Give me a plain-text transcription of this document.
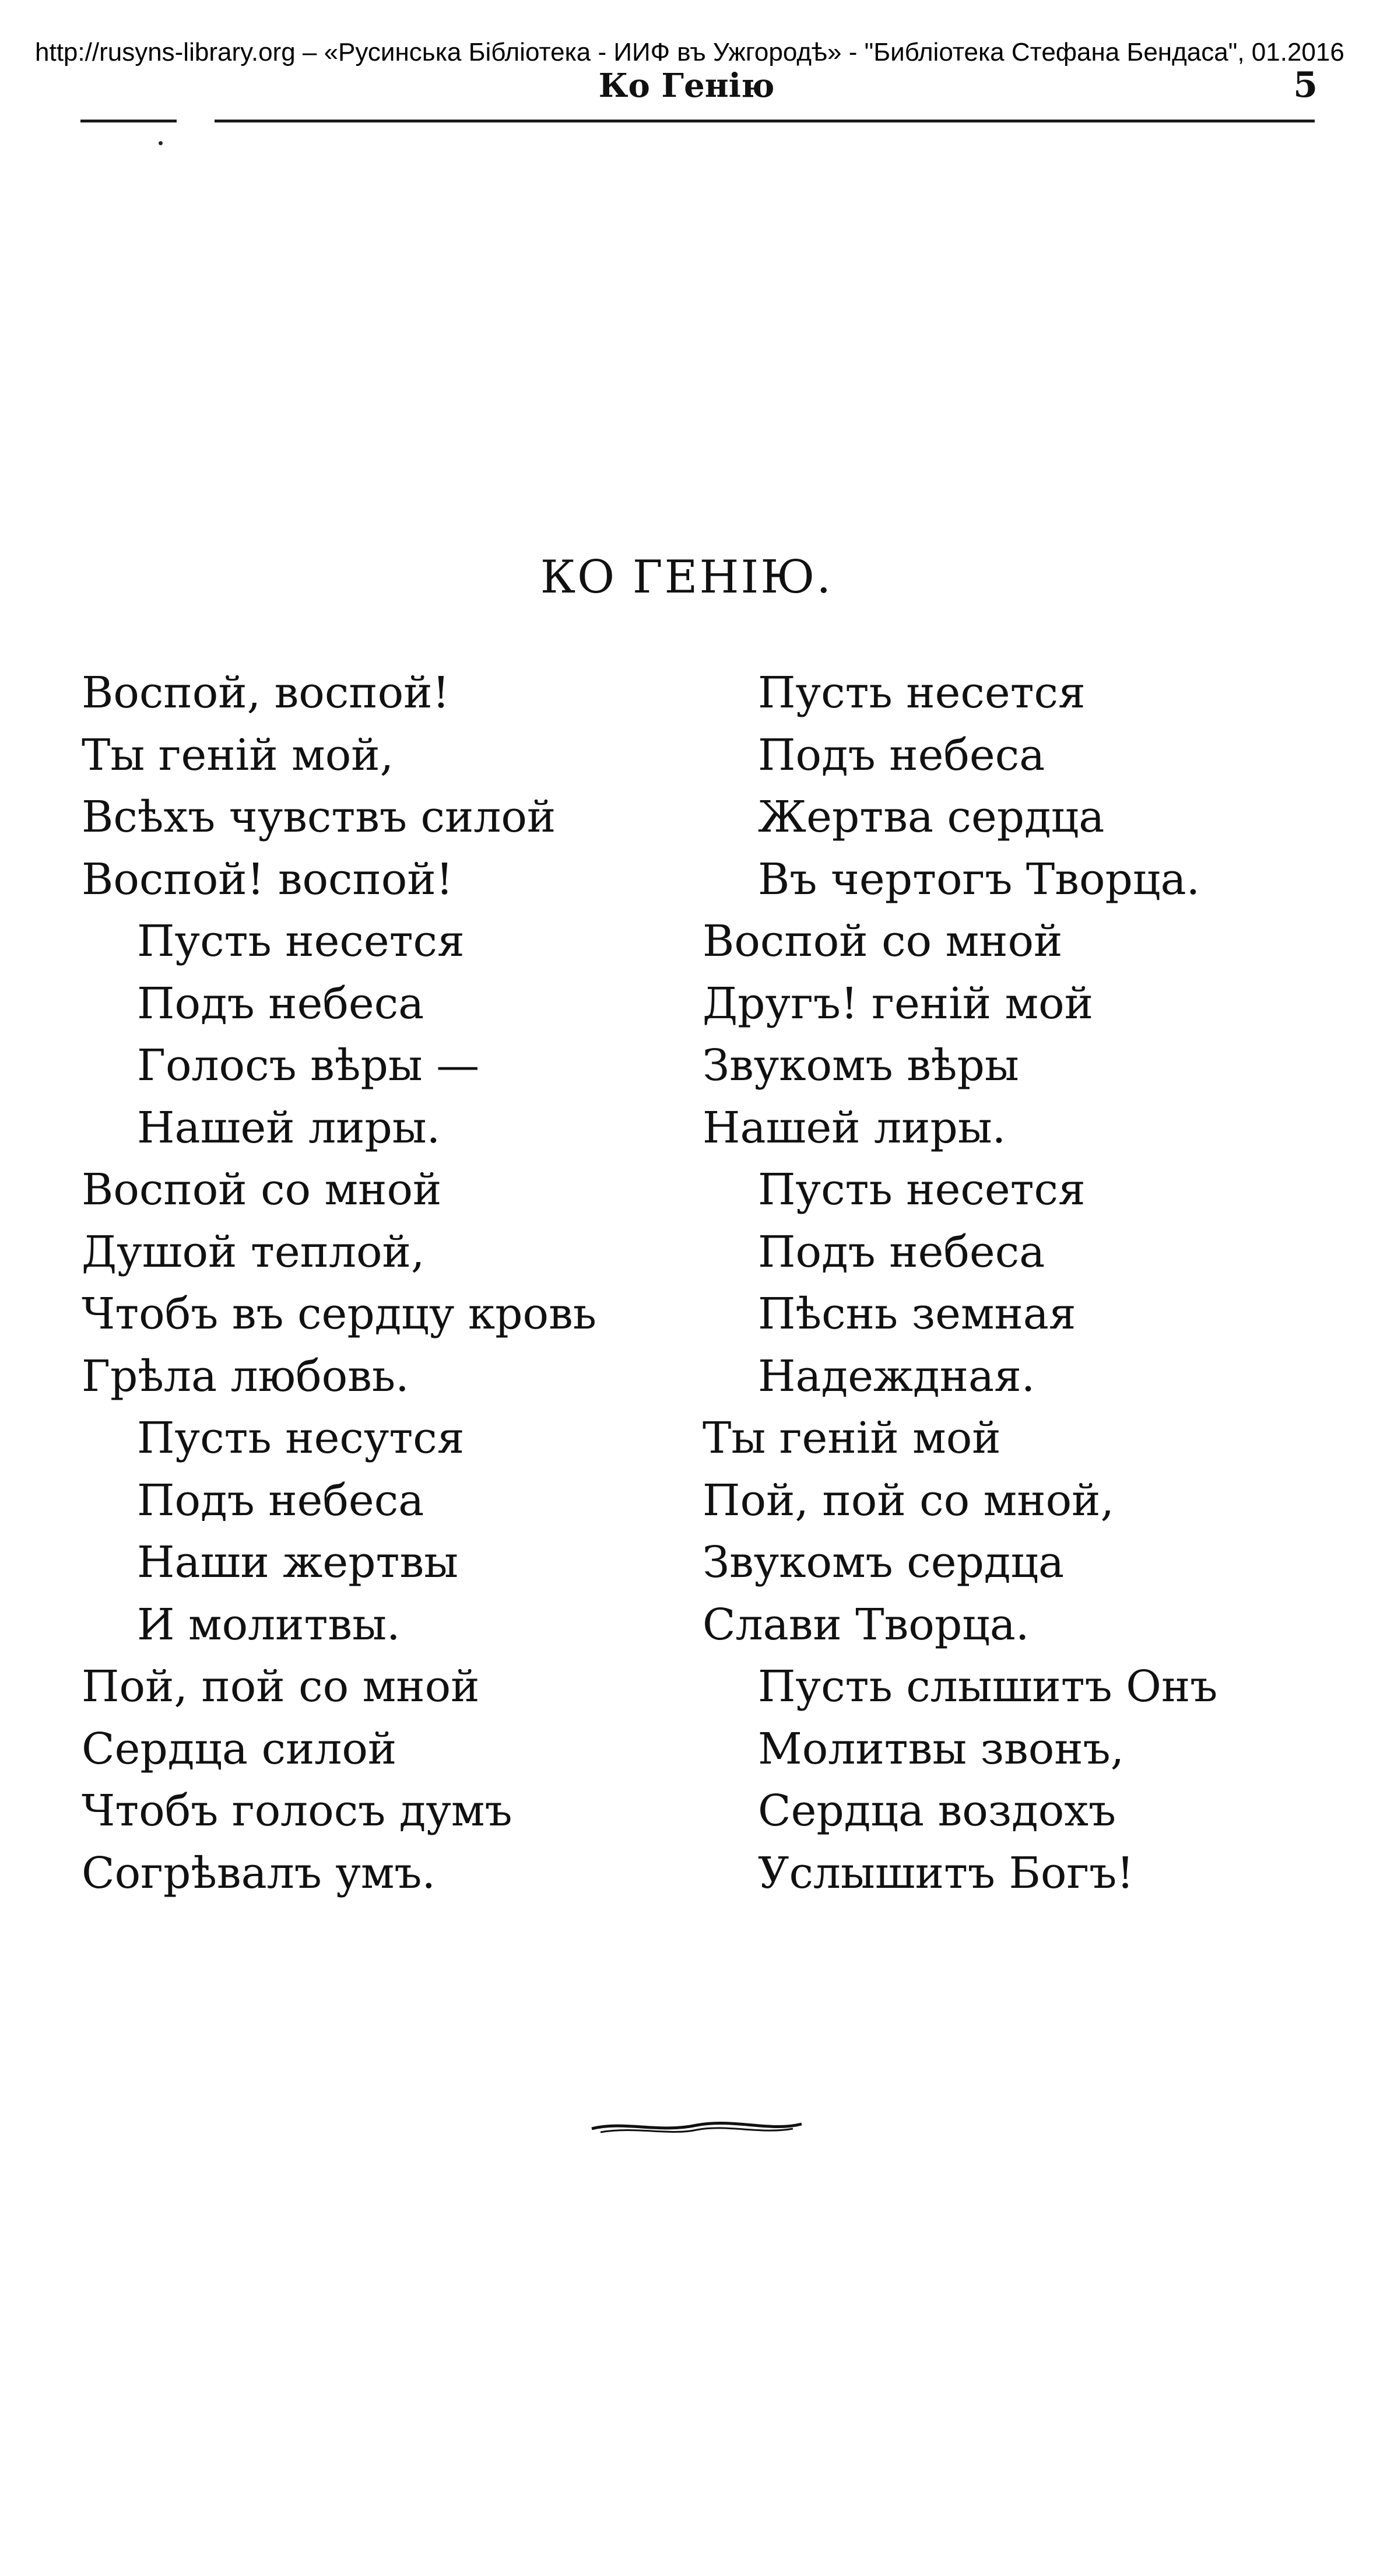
http://rusyns-library.org – «Русинська Бібліотека - ИИФ въ Ужгородѣ» - "Библіотека Стефана Бендаса", 01.2016
Ко Генію	5
КО ГЕНІЮ.
Воспой, воспой!
Ты геній мой,
Всѣхъ чувствъ силой
Воспой! воспой!
Пусть несется
Подъ небеса
Голосъ вѣры —
Нашей лиры.
Воспой со мной
Душой теплой,
Чтобъ въ сердцу кровь
Грѣла любовь.
Пусть несутся
Подъ небеса
Наши жертвы
И молитвы.
Пой, пой со мной
Сердца силой
Чтобъ голосъ думъ
Согрѣвалъ умъ.
Пусть несется
Подъ небеса
Жертва сердца
Въ чертогъ Творца.
Воспой со мной
Другъ! геній мой
Звукомъ вѣры
Нашей лиры.
Пусть несется
Подъ небеса
Пѣснь земная
Надеждная.
Ты геній мой
Пой, пой со мной,
Звукомъ сердца
Слави Творца.
Пусть слышитъ Онъ
Молитвы звонъ,
Сердца воздохъ
Услышитъ Богъ!
